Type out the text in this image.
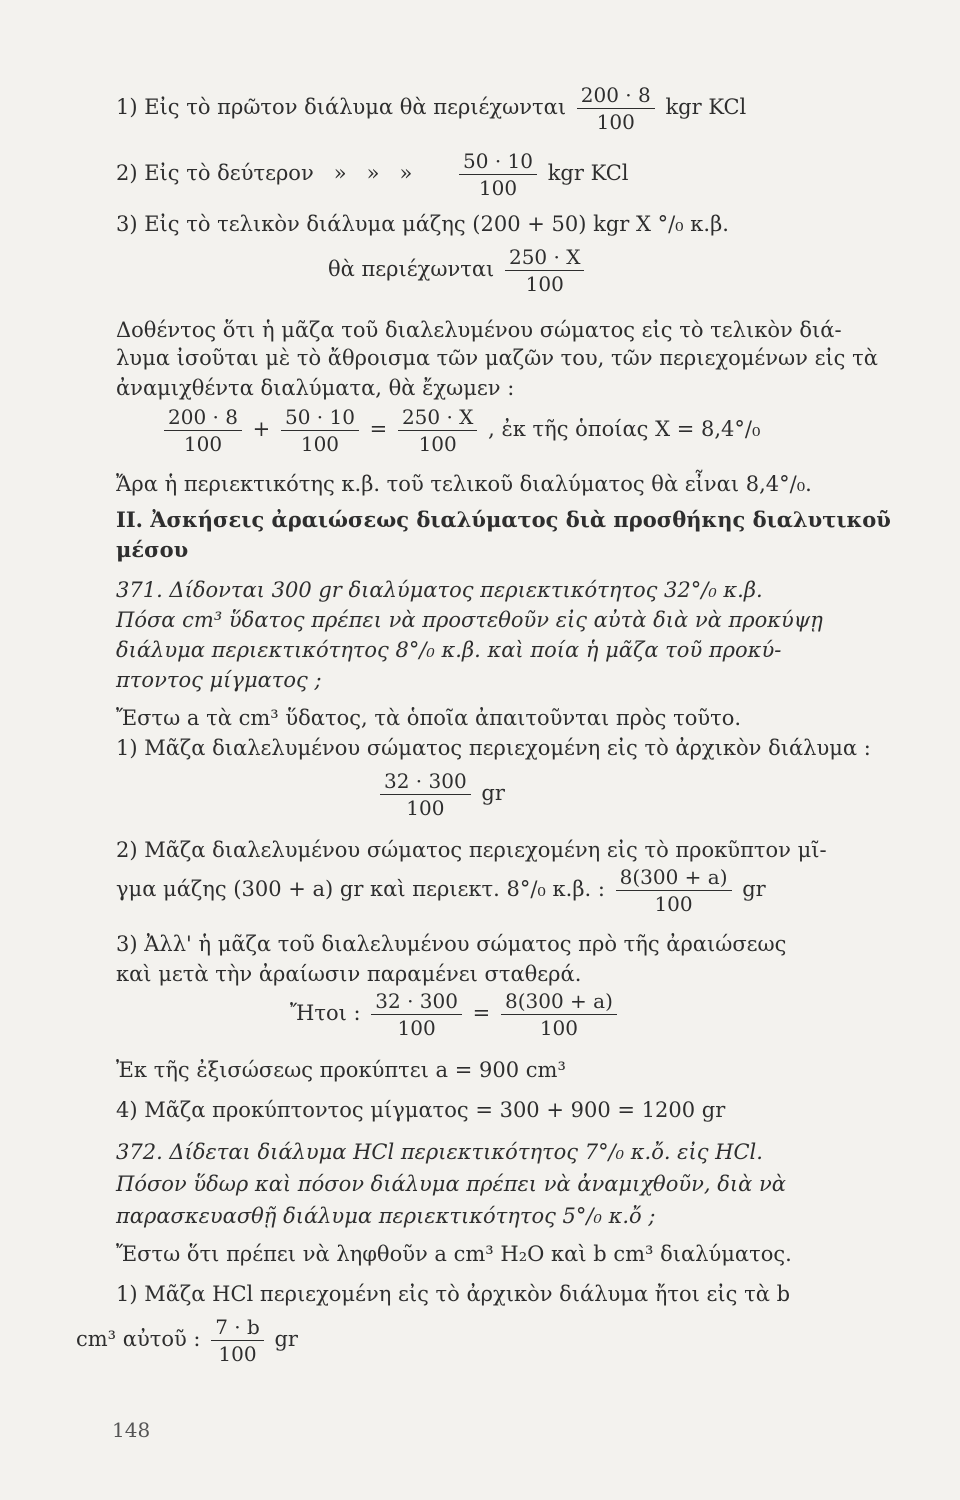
1) Εἰς τὸ πρῶτον διάλυμα θὰ περιέχωνται $\frac{200 \cdot 8}{100}$ kgr KCl
2) Εἰς τὸ δεύτερον   »   »   » $\frac{50 \cdot 10}{100}$ kgr KCl
3) Εἰς τὸ τελικὸν διάλυμα μάζης (200 + 50) kgr X °/₀ κ.β.
θὰ περιέχωνται $\frac{250 \cdot X}{100}$
Δοθέντος ὅτι ἡ μᾶζα τοῦ διαλελυμένου σώματος εἰς τὸ τελικὸν διά-
λυμα ἰσοῦται μὲ τὸ ἄθροισμα τῶν μαζῶν του, τῶν περιεχομένων εἰς τὰ
ἀναμιχθέντα διαλύματα, θὰ ἔχωμεν :
$\frac{200 \cdot 8}{100} + \frac{50 \cdot 10}{100} = \frac{250 \cdot X}{100}$ , ἐκ τῆς ὁποίας X = 8,4°/₀
Ἄρα ἡ περιεκτικότης κ.β. τοῦ τελικοῦ διαλύματος θὰ εἶναι 8,4°/₀.
II. Ἀσκήσεις ἀραιώσεως διαλύματος διὰ προσθήκης διαλυτικοῦ
μέσου
371. Δίδονται 300 gr διαλύματος περιεκτικότητος 32°/₀ κ.β.
Πόσα cm³ ὕδατος πρέπει νὰ προστεθοῦν εἰς αὐτὰ διὰ νὰ προκύψῃ
διάλυμα περιεκτικότητος 8°/₀ κ.β. καὶ ποία ἡ μᾶζα τοῦ προκύ-
πτοντος μίγματος ;
Ἔστω a τὰ cm³ ὕδατος, τὰ ὁποῖα ἀπαιτοῦνται πρὸς τοῦτο.
1) Μᾶζα διαλελυμένου σώματος περιεχομένη εἰς τὸ ἀρχικὸν διάλυμα :
$\frac{32 \cdot 300}{100}$ gr
2) Μᾶζα διαλελυμένου σώματος περιεχομένη εἰς τὸ προκῦπτον μῖ-
γμα μάζης (300 + a) gr καὶ περιεκτ. 8°/₀ κ.β. : $\frac{8(300 + a)}{100}$ gr
3) Ἀλλ' ἡ μᾶζα τοῦ διαλελυμένου σώματος πρὸ τῆς ἀραιώσεως
καὶ μετὰ τὴν ἀραίωσιν παραμένει σταθερά.
Ἤτοι : $\frac{32 \cdot 300}{100} = \frac{8(300 + a)}{100}$
Ἐκ τῆς ἐξισώσεως προκύπτει a = 900 cm³
4) Μᾶζα προκύπτοντος μίγματος = 300 + 900 = 1200 gr
372. Δίδεται διάλυμα HCl περιεκτικότητος 7°/₀ κ.ὄ. εἰς HCl.
Πόσον ὕδωρ καὶ πόσον διάλυμα πρέπει νὰ ἀναμιχθοῦν, διὰ νὰ
παρασκευασθῇ διάλυμα περιεκτικότητος 5°/₀ κ.ὄ ;
Ἔστω ὅτι πρέπει νὰ ληφθοῦν a cm³ H₂O καὶ b cm³ διαλύματος.
1) Μᾶζα HCl περιεχομένη εἰς τὸ ἀρχικὸν διάλυμα ἤτοι εἰς τὰ b
cm³ αὐτοῦ : $\frac{7 \cdot b}{100}$ gr
148
